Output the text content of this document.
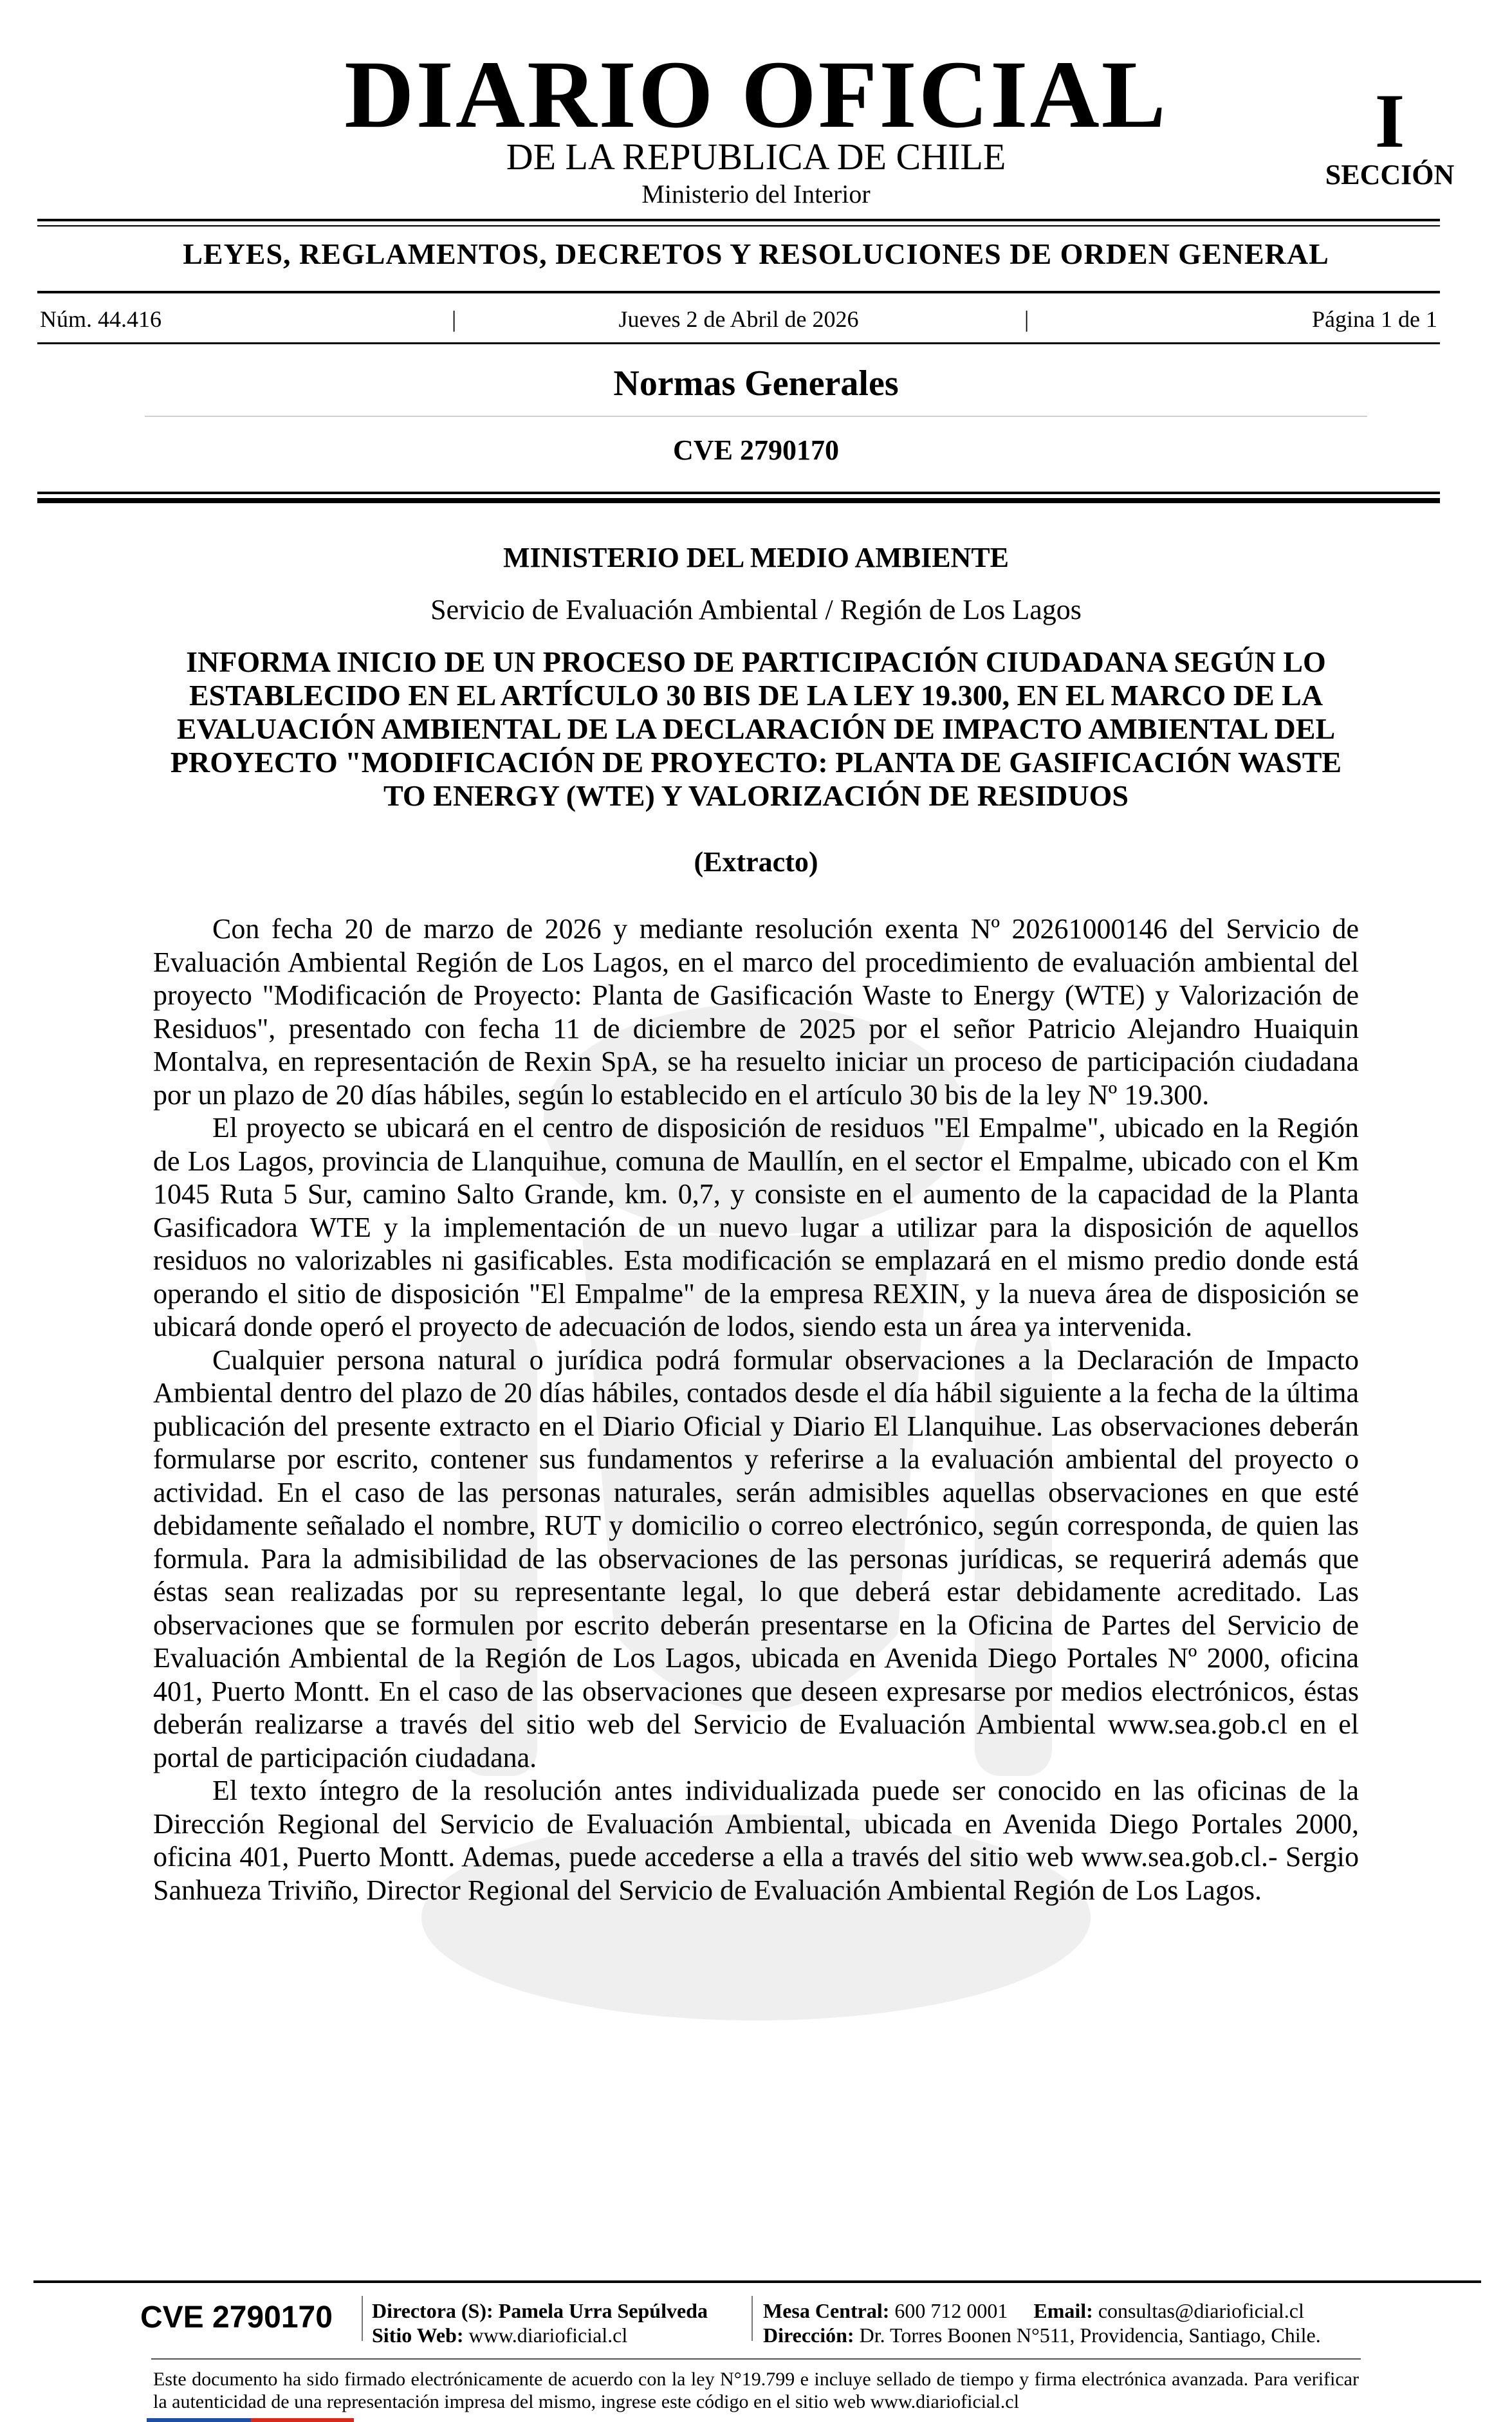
DIARIO OFICIAL
DE LA REPUBLICA DE CHILE
Ministerio del Interior
I
SECCIÓN
LEYES, REGLAMENTOS, DECRETOS Y RESOLUCIONES DE ORDEN GENERAL
Núm. 44.416	|	Jueves 2 de Abril de 2026	|	Página 1 de 1
Normas Generales
CVE 2790170
MINISTERIO DEL MEDIO AMBIENTE
Servicio de Evaluación Ambiental / Región de Los Lagos
INFORMA INICIO DE UN PROCESO DE PARTICIPACIÓN CIUDADANA SEGÚN LO ESTABLECIDO EN EL ARTÍCULO 30 BIS DE LA LEY 19.300, EN EL MARCO DE LA EVALUACIÓN AMBIENTAL DE LA DECLARACIÓN DE IMPACTO AMBIENTAL DEL PROYECTO "MODIFICACIÓN DE PROYECTO: PLANTA DE GASIFICACIÓN WASTE TO ENERGY (WTE) Y VALORIZACIÓN DE RESIDUOS
(Extracto)

Con fecha 20 de marzo de 2026 y mediante resolución exenta Nº 20261000146 del Servicio de Evaluación Ambiental Región de Los Lagos, en el marco del procedimiento de evaluación ambiental del proyecto "Modificación de Proyecto: Planta de Gasificación Waste to Energy (WTE) y Valorización de Residuos", presentado con fecha 11 de diciembre de 2025 por el señor Patricio Alejandro Huaiquin Montalva, en representación de Rexin SpA, se ha resuelto iniciar un proceso de participación ciudadana por un plazo de 20 días hábiles, según lo establecido en el artículo 30 bis de la ley Nº 19.300.

El proyecto se ubicará en el centro de disposición de residuos "El Empalme", ubicado en la Región de Los Lagos, provincia de Llanquihue, comuna de Maullín, en el sector el Empalme, ubicado con el Km 1045 Ruta 5 Sur, camino Salto Grande, km. 0,7, y consiste en el aumento de la capacidad de la Planta Gasificadora WTE y la implementación de un nuevo lugar a utilizar para la disposición de aquellos residuos no valorizables ni gasificables. Esta modificación se emplazará en el mismo predio donde está operando el sitio de disposición "El Empalme" de la empresa REXIN, y la nueva área de disposición se ubicará donde operó el proyecto de adecuación de lodos, siendo esta un área ya intervenida.

Cualquier persona natural o jurídica podrá formular observaciones a la Declaración de Impacto Ambiental dentro del plazo de 20 días hábiles, contados desde el día hábil siguiente a la fecha de la última publicación del presente extracto en el Diario Oficial y Diario El Llanquihue. Las observaciones deberán formularse por escrito, contener sus fundamentos y referirse a la evaluación ambiental del proyecto o actividad. En el caso de las personas naturales, serán admisibles aquellas observaciones en que esté debidamente señalado el nombre, RUT y domicilio o correo electrónico, según corresponda, de quien las formula. Para la admisibilidad de las observaciones de las personas jurídicas, se requerirá además que éstas sean realizadas por su representante legal, lo que deberá estar debidamente acreditado. Las observaciones que se formulen por escrito deberán presentarse en la Oficina de Partes del Servicio de Evaluación Ambiental de la Región de Los Lagos, ubicada en Avenida Diego Portales Nº 2000, oficina 401, Puerto Montt. En el caso de las observaciones que deseen expresarse por medios electrónicos, éstas deberán realizarse a través del sitio web del Servicio de Evaluación Ambiental www.sea.gob.cl en el portal de participación ciudadana.

El texto íntegro de la resolución antes individualizada puede ser conocido en las oficinas de la Dirección Regional del Servicio de Evaluación Ambiental, ubicada en Avenida Diego Portales 2000, oficina 401, Puerto Montt. Ademas, puede accederse a ella a través del sitio web www.sea.gob.cl.- Sergio Sanhueza Triviño, Director Regional del Servicio de Evaluación Ambiental Región de Los Lagos.

CVE 2790170 Directora (S): Pamela Urra Sepúlveda
Sitio Web: www.diarioficial.cl
Mesa Central: 600 712 0001 Email: consultas@diarioficial.cl
Dirección: Dr. Torres Boonen N°511, Providencia, Santiago, Chile.
Este documento ha sido firmado electrónicamente de acuerdo con la ley N°19.799 e incluye sellado de tiempo y firma electrónica avanzada. Para verificar la autenticidad de una representación impresa del mismo, ingrese este código en el sitio web www.diarioficial.cl
